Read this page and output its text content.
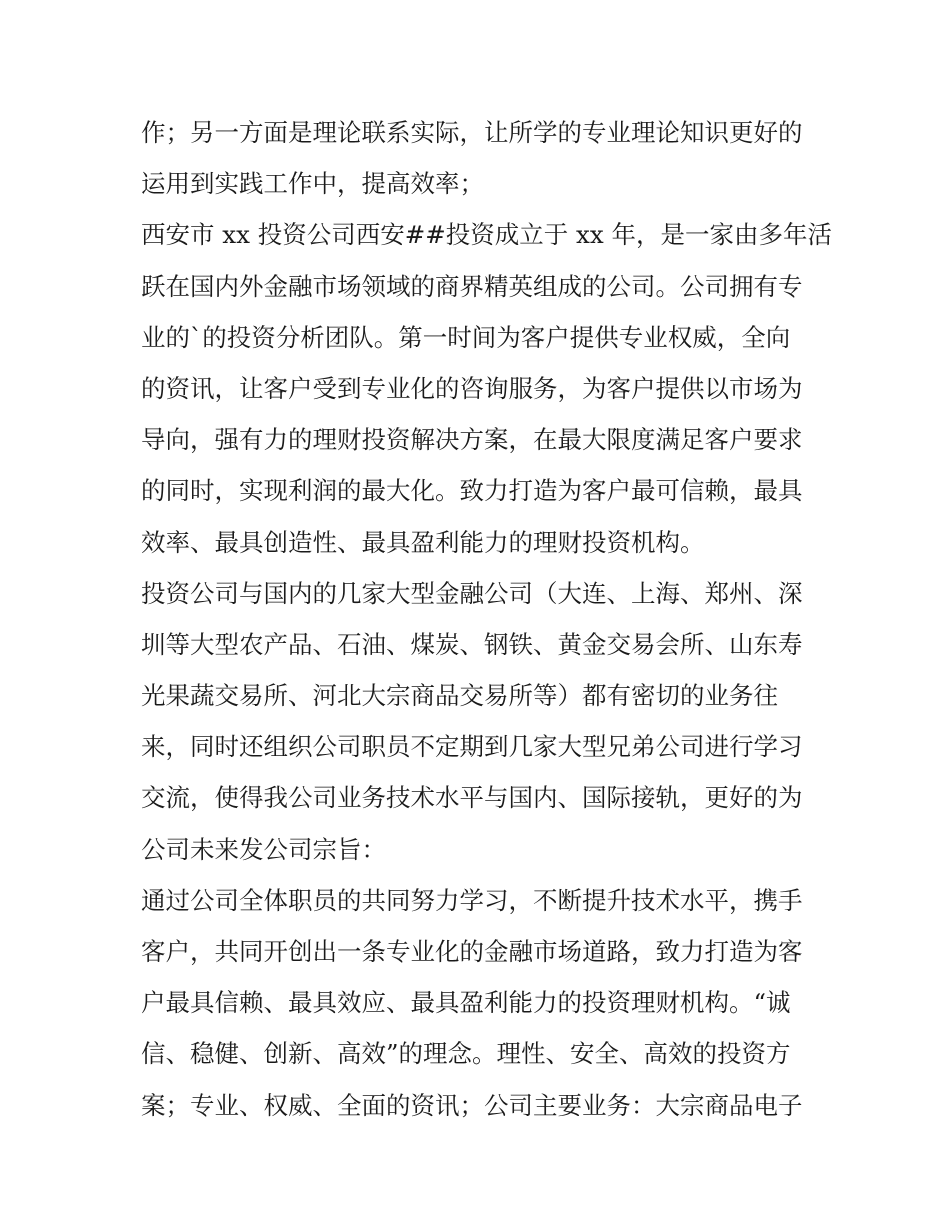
作；另一方面是理论联系实际，让所学的专业理论知识更好的
运用到实践工作中，提高效率；
西安市 xx 投资公司西安##投资成立于 xx 年，是一家由多年活
跃在国内外金融市场领域的商界精英组成的公司。公司拥有专
业的`的投资分析团队。第一时间为客户提供专业权威，全向
的资讯，让客户受到专业化的咨询服务，为客户提供以市场为
导向，强有力的理财投资解决方案，在最大限度满足客户要求
的同时，实现利润的最大化。致力打造为客户最可信赖，最具
效率、最具创造性、最具盈利能力的理财投资机构。
投资公司与国内的几家大型金融公司（大连、上海、郑州、深
圳等大型农产品、石油、煤炭、钢铁、黄金交易会所、山东寿
光果蔬交易所、河北大宗商品交易所等）都有密切的业务往
来，同时还组织公司职员不定期到几家大型兄弟公司进行学习
交流，使得我公司业务技术水平与国内、国际接轨，更好的为
公司未来发公司宗旨：
通过公司全体职员的共同努力学习，不断提升技术水平，携手
客户，共同开创出一条专业化的金融市场道路，致力打造为客
户最具信赖、最具效应、最具盈利能力的投资理财机构。“诚
信、稳健、创新、高效”的理念。理性、安全、高效的投资方
案；专业、权威、全面的资讯；公司主要业务：大宗商品电子
